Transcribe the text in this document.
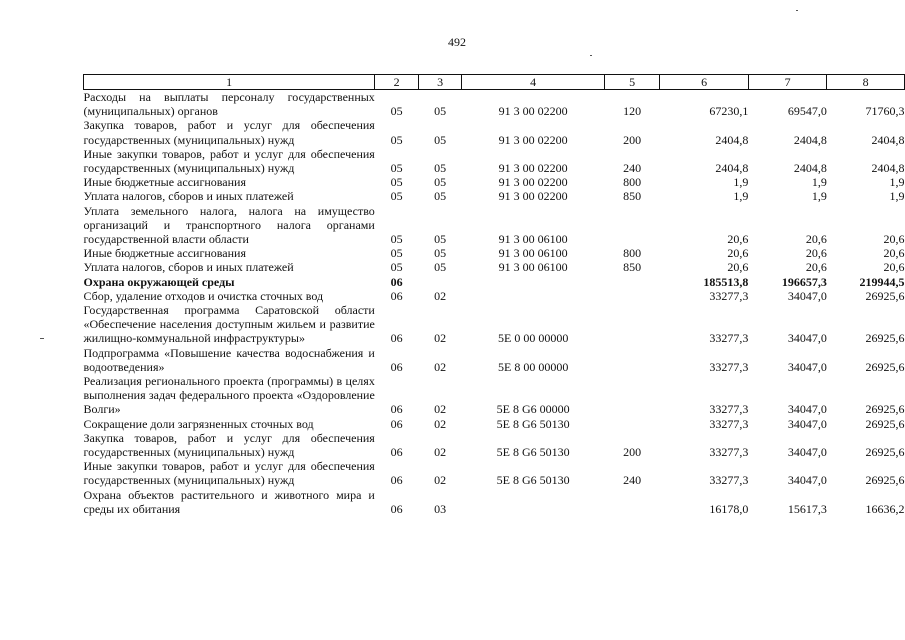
492
1	2	3	4	5	6	7	8
Расходы на выплаты персоналу государственных (муниципальных) органов	05	05	91 3 00 02200	120	67230,1	69547,0	71760,3
Закупка товаров, работ и услуг для обеспечения государственных (муниципальных) нужд	05	05	91 3 00 02200	200	2404,8	2404,8	2404,8
Иные закупки товаров, работ и услуг для обеспечения государственных (муниципальных) нужд	05	05	91 3 00 02200	240	2404,8	2404,8	2404,8
Иные бюджетные ассигнования	05	05	91 3 00 02200	800	1,9	1,9	1,9
Уплата налогов, сборов и иных платежей	05	05	91 3 00 02200	850	1,9	1,9	1,9
Уплата земельного налога, налога на имущество организаций и транспортного налога органами государственной власти области	05	05	91 3 00 06100		20,6	20,6	20,6
Иные бюджетные ассигнования	05	05	91 3 00 06100	800	20,6	20,6	20,6
Уплата налогов, сборов и иных платежей	05	05	91 3 00 06100	850	20,6	20,6	20,6
Охрана окружающей среды	06				185513,8	196657,3	219944,5
Сбор, удаление отходов и очистка сточных вод	06	02			33277,3	34047,0	26925,6
Государственная программа Саратовской области «Обеспечение населения доступным жильем и развитие жилищно-коммунальной инфраструктуры»	06	02	5Е 0 00 00000		33277,3	34047,0	26925,6
Подпрограмма «Повышение качества водоснабжения и водоотведения»	06	02	5Е 8 00 00000		33277,3	34047,0	26925,6
Реализация регионального проекта (программы) в целях выполнения задач федерального проекта «Оздоровление Волги»	06	02	5Е 8 G6 00000		33277,3	34047,0	26925,6
Сокращение доли загрязненных сточных вод	06	02	5Е 8 G6 50130		33277,3	34047,0	26925,6
Закупка товаров, работ и услуг для обеспечения государственных (муниципальных) нужд	06	02	5Е 8 G6 50130	200	33277,3	34047,0	26925,6
Иные закупки товаров, работ и услуг для обеспечения государственных (муниципальных) нужд	06	02	5Е 8 G6 50130	240	33277,3	34047,0	26925,6
Охрана объектов растительного и животного мира и среды их обитания	06	03			16178,0	15617,3	16636,2
